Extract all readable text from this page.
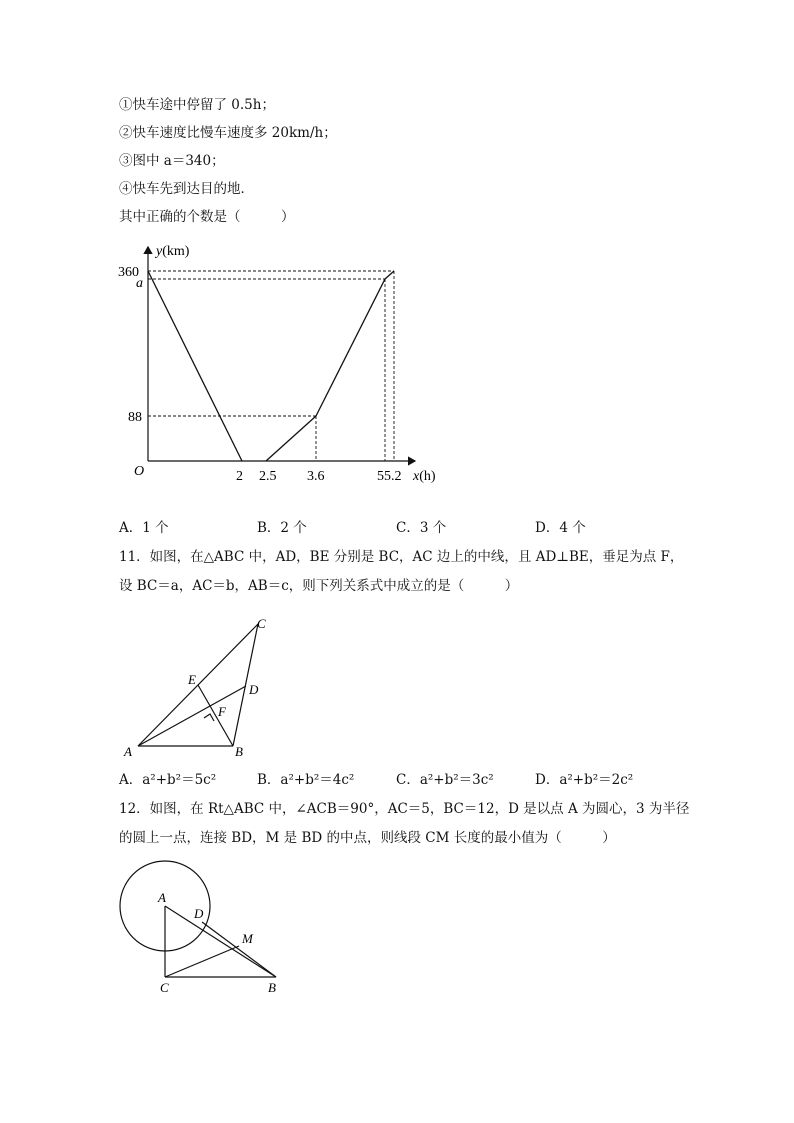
①快车途中停留了 0.5h；
②快车速度比慢车速度多 20km/h；
③图中 a＝340；
④快车先到达目的地．
其中正确的个数是（　　　）
y(km)
360
a
88
O	2 2.5 3.6	55.2 x(h)
A．1 个	B．2 个	C．3 个	D．4 个
11．如图，在△ABC 中，AD，BE 分别是 BC，AC 边上的中线，且 AD⊥BE，垂足为点 F，
设 BC＝a，AC＝b，AB＝c，则下列关系式中成立的是（　　　）
C
E
D
F
A	B
A．a²+b²＝5c²	B．a²+b²＝4c²	C．a²+b²＝3c²	D．a²+b²＝2c²
12．如图，在 Rt△ABC 中，∠ACB＝90°，AC＝5，BC＝12，D 是以点 A 为圆心，3 为半径
的圆上一点，连接 BD，M 是 BD 的中点，则线段 CM 长度的最小值为（　　　）
A
D
M
C	B
